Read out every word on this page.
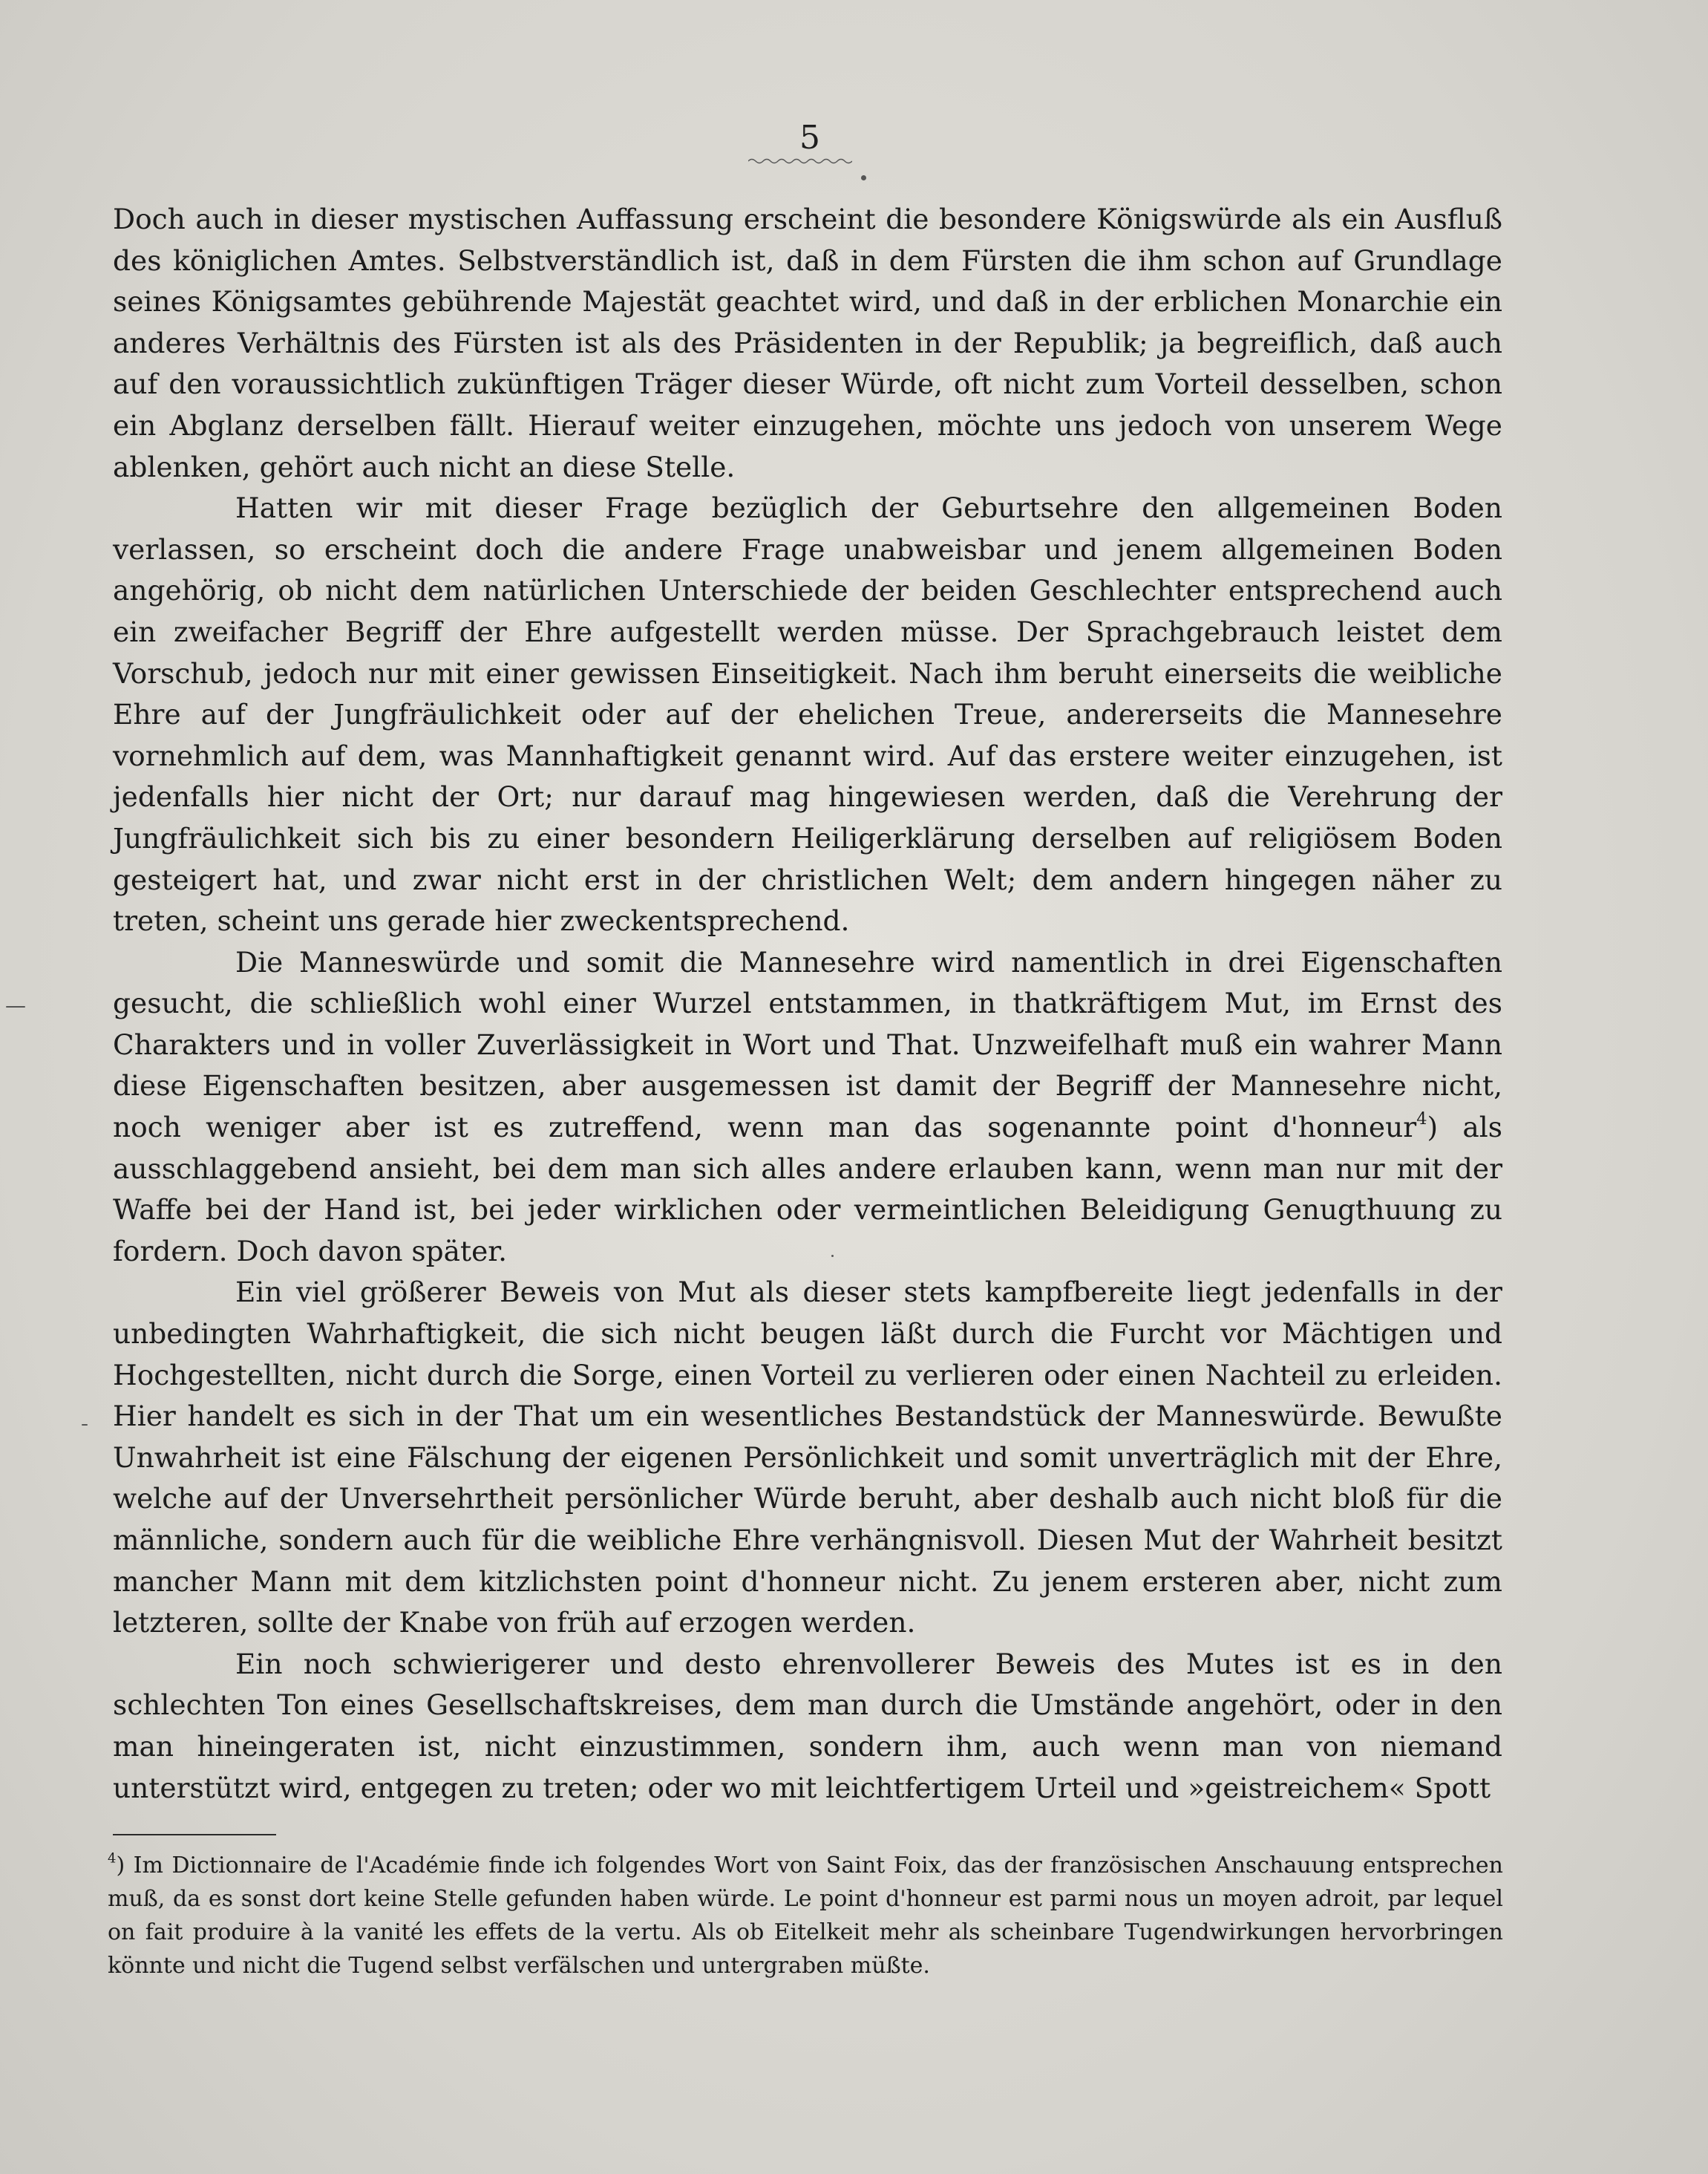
5

Doch auch in dieser mystischen Auffassung erscheint die besondere Königswürde als ein Ausfluß des königlichen Amtes. Selbstverständlich ist, daß in dem Fürsten die ihm schon auf Grundlage seines Königsamtes gebührende Majestät geachtet wird, und daß in der erblichen Monarchie ein anderes Verhältnis des Fürsten ist als des Präsidenten in der Republik; ja begreiflich, daß auch auf den voraussichtlich zukünftigen Träger dieser Würde, oft nicht zum Vorteil desselben, schon ein Abglanz derselben fällt. Hierauf weiter einzugehen, möchte uns jedoch von unserem Wege ablenken, gehört auch nicht an diese Stelle.

Hatten wir mit dieser Frage bezüglich der Geburtsehre den allgemeinen Boden verlassen, so erscheint doch die andere Frage unabweisbar und jenem allgemeinen Boden angehörig, ob nicht dem natürlichen Unterschiede der beiden Geschlechter entsprechend auch ein zweifacher Begriff der Ehre aufgestellt werden müsse. Der Sprachgebrauch leistet dem Vorschub, jedoch nur mit einer gewissen Einseitigkeit. Nach ihm beruht einerseits die weibliche Ehre auf der Jungfräulichkeit oder auf der ehelichen Treue, andererseits die Mannesehre vornehmlich auf dem, was Mannhaftigkeit genannt wird. Auf das erstere weiter einzugehen, ist jedenfalls hier nicht der Ort; nur darauf mag hingewiesen werden, daß die Verehrung der Jungfräulichkeit sich bis zu einer besondern Heiligerklärung derselben auf religiösem Boden gesteigert hat, und zwar nicht erst in der christlichen Welt; dem andern hingegen näher zu treten, scheint uns gerade hier zweckentsprechend.

Die Manneswürde und somit die Mannesehre wird namentlich in drei Eigenschaften gesucht, die schließlich wohl einer Wurzel entstammen, in thatkräftigem Mut, im Ernst des Charakters und in voller Zuverlässigkeit in Wort und That. Unzweifelhaft muß ein wahrer Mann diese Eigenschaften besitzen, aber ausgemessen ist damit der Begriff der Mannesehre nicht, noch weniger aber ist es zutreffend, wenn man das sogenannte point d'honneur$^4$) als ausschlaggebend ansieht, bei dem man sich alles andere erlauben kann, wenn man nur mit der Waffe bei der Hand ist, bei jeder wirklichen oder vermeintlichen Beleidigung Genugthuung zu fordern. Doch davon später.

Ein viel größerer Beweis von Mut als dieser stets kampfbereite liegt jedenfalls in der unbedingten Wahrhaftigkeit, die sich nicht beugen läßt durch die Furcht vor Mächtigen und Hochgestellten, nicht durch die Sorge, einen Vorteil zu verlieren oder einen Nachteil zu erleiden. Hier handelt es sich in der That um ein wesentliches Bestandstück der Manneswürde. Bewußte Unwahrheit ist eine Fälschung der eigenen Persönlichkeit und somit unverträglich mit der Ehre, welche auf der Unversehrtheit persönlicher Würde beruht, aber deshalb auch nicht bloß für die männliche, sondern auch für die weibliche Ehre verhängnisvoll. Diesen Mut der Wahrheit besitzt mancher Mann mit dem kitzlichsten point d'honneur nicht. Zu jenem ersteren aber, nicht zum letzteren, sollte der Knabe von früh auf erzogen werden.

Ein noch schwierigerer und desto ehrenvollerer Beweis des Mutes ist es in den schlechten Ton eines Gesellschaftskreises, dem man durch die Umstände angehört, oder in den man hineingeraten ist, nicht einzustimmen, sondern ihm, auch wenn man von niemand unterstützt wird, entgegen zu treten; oder wo mit leichtfertigem Urteil und »geistreichem« Spott

$^4$) Im Dictionnaire de l'Académie finde ich folgendes Wort von Saint Foix, das der französischen Anschauung entsprechen muß, da es sonst dort keine Stelle gefunden haben würde. Le point d'honneur est parmi nous un moyen adroit, par lequel on fait produire à la vanité les effets de la vertu. Als ob Eitelkeit mehr als scheinbare Tugendwirkungen hervorbringen könnte und nicht die Tugend selbst verfälschen und untergraben müßte.
